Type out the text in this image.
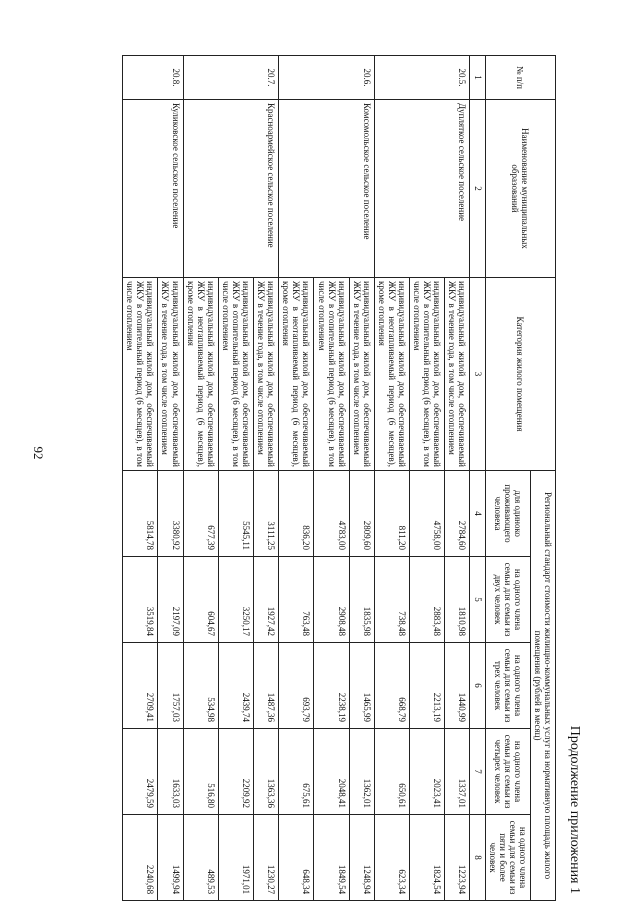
92
Продолжение приложения 1
№ п/п	Наименование муниципальных образований	Категория жилого помещения	Региональный стандарт стоимости жилищно-коммунальных услуг на нормативную площадь жилого помещения (рублей в месяц)				
			для одиноко проживающего человека	на одного члена семьи для семьи из двух человек	на одного члена семьи для семьи из трех человек	на одного члена семьи для семьи из четырех человек	на одного члена семьи для семьи из пяти и более человек
1	2	3	4	5	6	7	8
20.5.	Дупляткое сельское поселение	индивидуальный жилой дом, обеспечиваемый ЖКУ в течение года, в том числе отоплением	2784,60	1810,98	1440,99	1337,01	1223,94
		индивидуальный жилой дом, обеспечиваемый ЖКУ в отопительный период (6 месяцев), в том числе отоплением	4758,00	2883,48	2213,19	2023,41	1824,54
		индивидуальный жилой дом, обеспечиваемый ЖКУ в неотапливаемый период (6 месяцев), кроме отопления	811,20	738,48	668,79	650,61	623,34
20.6.	Комсомольское сельское поселение	индивидуальный жилой дом, обеспечиваемый ЖКУ в течение года, в том числе отоплением	2809,60	1835,98	1465,99	1362,01	1248,94
		индивидуальный жилой дом, обеспечиваемый ЖКУ в отопительный период (6 месяцев), в том числе отоплением	4783,00	2908,48	2238,19	2048,41	1849,54
		индивидуальный жилой дом, обеспечиваемый ЖКУ в неотапливаемый период (6 месяцев), кроме отопления	836,20	763,48	693,79	675,61	648,34
20.7.	Красноармейское сельское поселение	индивидуальный жилой дом, обеспечиваемый ЖКУ в течение года, в том числе отоплением	3111,25	1927,42	1487,36	1363,36	1230,27
		индивидуальный жилой дом, обеспечиваемый ЖКУ в отопительный период (6 месяцев), в том числе отоплением	5545,11	3250,17	2439,74	2209,92	1971,01
		индивидуальный жилой дом, обеспечиваемый ЖКУ в неотапливаемый период (6 месяцев), кроме отопления	677,39	604,67	534,98	516,80	489,53
20.8.	Куликовское сельское поселение	индивидуальный жилой дом, обеспечиваемый ЖКУ в течение года, в том числе отоплением	3380,92	2197,09	1757,03	1633,03	1499,94
		индивидуальный жилой дом, обеспечиваемый ЖКУ в отопительный период (6 месяцев), в том числе отоплением	5814,78	3519,84	2709,41	2479,59	2240,68
